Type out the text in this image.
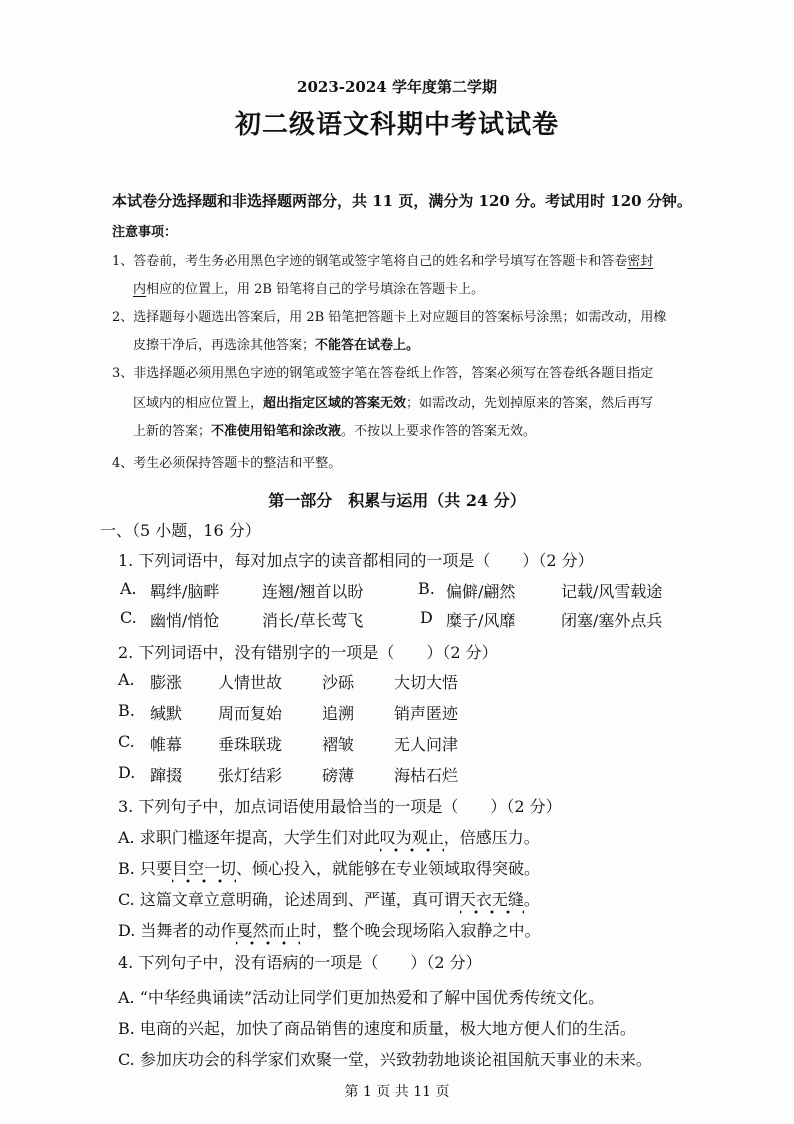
2023-2024 学年度第二学期
初二级语文科期中考试试卷
本试卷分选择题和非选择题两部分，共 11 页，满分为 120 分。考试用时 120 分钟。
注意事项：
1、答卷前，考生务必用黑色字迹的钢笔或签字笔将自己的姓名和学号填写在答题卡和答卷密封
内相应的位置上，用 2B 铅笔将自己的学号填涂在答题卡上。
2、选择题每小题选出答案后，用 2B 铅笔把答题卡上对应题目的答案标号涂黑；如需改动，用橡
皮擦干净后，再选涂其他答案；不能答在试卷上。
3、非选择题必须用黑色字迹的钢笔或签字笔在答卷纸上作答，答案必须写在答卷纸各题目指定
区域内的相应位置上，超出指定区域的答案无效；如需改动，先划掉原来的答案，然后再写
上新的答案；不准使用铅笔和涂改液。不按以上要求作答的答案无效。
4、考生必须保持答题卡的整洁和平整。
第一部分　积累与运用（共 24 分）
一、（5 小题，16 分）
1. 下列词语中，每对加点字的读音都相同的一项是（　　）（2 分）
A. 羁绊/脑畔	连翘/翘首以盼	B. 偏僻/翩然	记载/风雪载途
C. 幽悄/悄怆	消长/草长莺飞	D 糜子/风靡	闭塞/塞外点兵
2. 下列词语中，没有错别字的一项是（　　）（2 分）
A. 膨涨 人情世故 沙砾 大切大悟
B. 缄默 周而复始 追溯 销声匿迹
C. 帷幕 垂珠联珑 褶皱 无人问津
D. 蹿掇 张灯结彩 磅薄 海枯石烂
3. 下列句子中，加点词语使用最恰当的一项是（　　）（2 分）
A. 求职门槛逐年提高，大学生们对此叹为观止，倍感压力。
B. 只要目空一切、倾心投入，就能够在专业领域取得突破。
C. 这篇文章立意明确，论述周到、严谨，真可谓天衣无缝。
D. 当舞者的动作戛然而止时，整个晚会现场陷入寂静之中。
4. 下列句子中，没有语病的一项是（　　）（2 分）
A. “中华经典诵读”活动让同学们更加热爱和了解中国优秀传统文化。
B. 电商的兴起，加快了商品销售的速度和质量，极大地方便人们的生活。
C. 参加庆功会的科学家们欢聚一堂，兴致勃勃地谈论祖国航天事业的未来。
第 1 页 共 11 页
